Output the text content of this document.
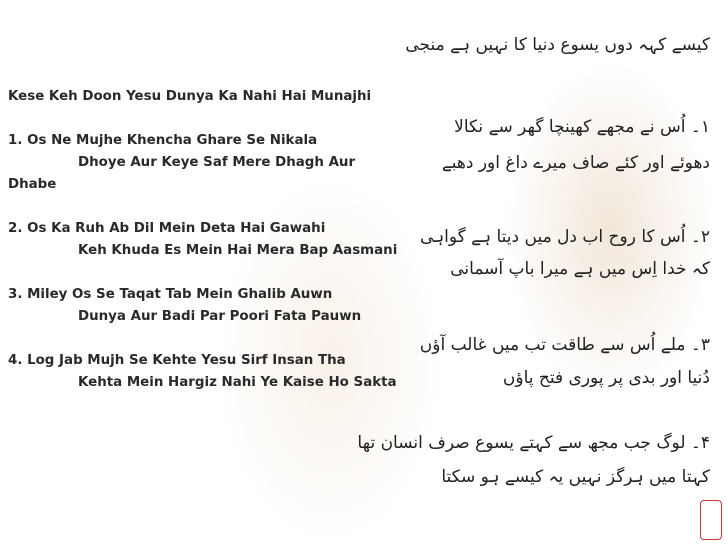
Kese Keh Doon Yesu Dunya Ka Nahi Hai Munajhi
1. Os Ne Mujhe Khencha Ghare Se Nikala
Dhoye Aur Keye Saf Mere Dhagh Aur
Dhabe
2. Os Ka Ruh Ab Dil Mein Deta Hai Gawahi
Keh Khuda Es Mein Hai Mera Bap Aasmani
3. Miley Os Se Taqat Tab Mein Ghalib Auwn
Dunya Aur Badi Par Poori Fata Pauwn
4. Log Jab Mujh Se Kehte Yesu Sirf Insan Tha
Kehta Mein Hargiz Nahi Ye Kaise Ho Sakta
کیسے کہہ دوں یسوع دنیا کا نہیں ہے منجی
۱۔ اُس نے مجھے کھینچا گھر سے نکالا
دھوئے اور کئے صاف میرے داغ اور دھبے
۲۔ اُس کا روح اب دل میں دیتا ہے گواہی
کہ خدا اِس میں ہے میرا باپ آسمانی
۳۔ ملے اُس سے طاقت تب میں غالب آؤں
دُنیا اور بدی پر پوری فتح پاؤں
۴۔ لوگ جب مجھ سے کہتے یسوع صرف انسان تھا
کہتا میں ہرگز نہیں یہ کیسے ہو سکتا
